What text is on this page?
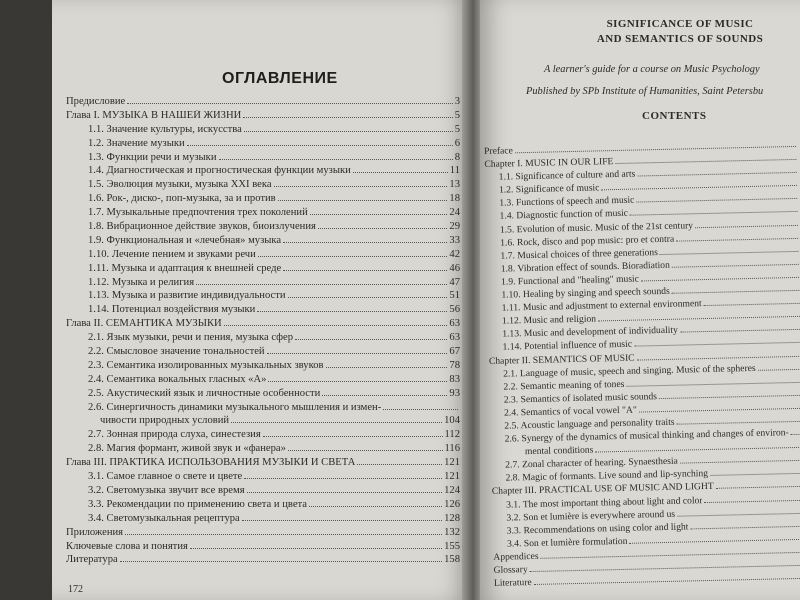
ОГЛАВЛЕНИЕ
Предисловие	3
Глава I. МУЗЫКА В НАШЕЙ ЖИЗНИ	5
1.1. Значение культуры, искусства	5
1.2. Значение музыки	6
1.3. Функции речи и музыки	8
1.4. Диагностическая и прогностическая функции музыки	11
1.5. Эволюция музыки, музыка XXI века	13
1.6. Рок-, диско-, поп-музыка, за и против	18
1.7. Музыкальные предпочтения трех поколений	24
1.8. Вибрационное действие звуков, биоизлучения	29
1.9. Функциональная и «лечебная» музыка	33
1.10. Лечение пением и звуками речи	42
1.11. Музыка и адаптация к внешней среде	46
1.12. Музыка и религия	47
1.13. Музыка и развитие индивидуальности	51
1.14. Потенциал воздействия музыки	56
Глава II. СЕМАНТИКА МУЗЫКИ	63
2.1. Язык музыки, речи и пения, музыка сфер	63
2.2. Смысловое значение тональностей	67
2.3. Семантика изолированных музыкальных звуков	78
2.4. Семантика вокальных гласных «А»	83
2.5. Акустический язык и личностные особенности	93
2.6. Синергичность динамики музыкального мышления и измен-
чивости природных условий	104
2.7. Зонная природа слуха, синестезия	112
2.8. Магия формант, живой звук и «фанера»	116
Глава III. ПРАКТИКА ИСПОЛЬЗОВАНИЯ МУЗЫКИ И СВЕТА	121
3.1. Самое главное о свете и цвете	121
3.2. Светомузыка звучит все время	124
3.3. Рекомендации по применению света и цвета	126
3.4. Светомузыкальная рецептура	128
Приложения	132
Ключевые слова и понятия	155
Литература	158
172
SIGNIFICANCE OF MUSIC
AND SEMANTICS OF SOUNDS
A learner's guide for a course on Music Psychology
Published by SPb Institute of Humanities, Saint Petersbu
CONTENTS
Preface
Chapter I. MUSIC IN OUR LIFE
1.1. Significance of culture and arts
1.2. Significance of music
1.3. Functions of speech and music
1.4. Diagnostic function of music
1.5. Evolution of music. Music of the 21st century
1.6. Rock, disco and pop music: pro et contra
1.7. Musical choices of three generations
1.8. Vibration effect of sounds. Bioradiation
1.9. Functional and "healing" music
1.10. Healing by singing and speech sounds
1.11. Music and adjustment to external environment
1.12. Music and religion
1.13. Music and development of individuality
1.14. Potential influence of music
Chapter II. SEMANTICS OF MUSIC
2.1. Language of music, speech and singing. Music of the spheres
2.2. Semantic meaning of tones
2.3. Semantics of isolated music sounds
2.4. Semantics of vocal vowel "A"
2.5. Acoustic language and personality traits
2.6. Synergy of the dynamics of musical thinking and changes of environ-
mental conditions
2.7. Zonal character of hearing. Synaesthesia
2.8. Magic of formants. Live sound and lip-synching
Chapter III. PRACTICAL USE OF MUSIC AND LIGHT
3.1. The most important thing about light and color
3.2. Son et lumière is everywhere around us
3.3. Recommendations on using color and light
3.4. Son et lumière formulation
Appendices
Glossary
Literature
